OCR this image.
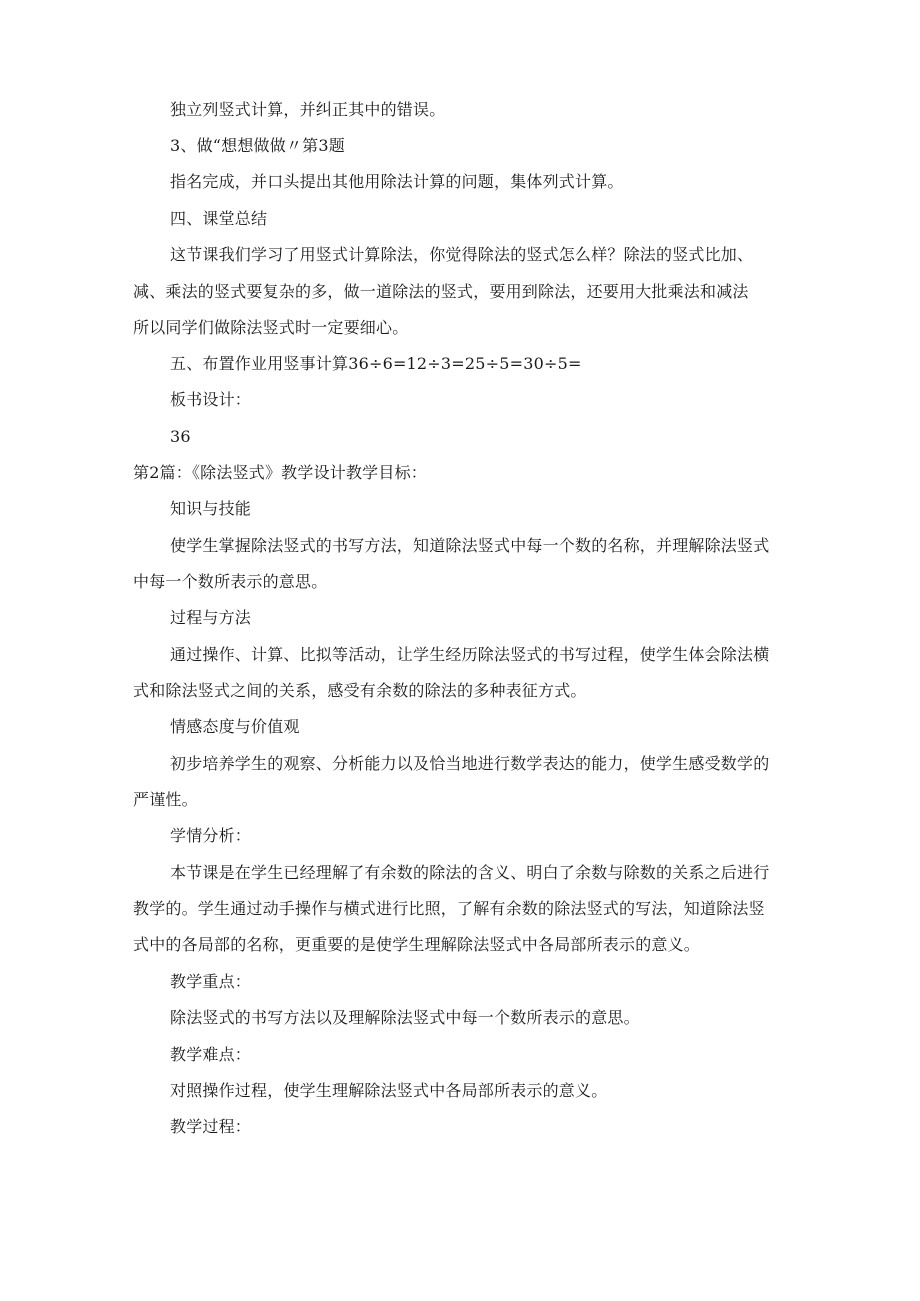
独立列竖式计算，并纠正其中的错误。

3、做“想想做做〃第3题

指名完成，并口头提出其他用除法计算的问题，集体列式计算。

四、课堂总结

这节课我们学习了用竖式计算除法，你觉得除法的竖式怎么样？除法的竖式比加、

减、乘法的竖式要复杂的多，做一道除法的竖式，要用到除法，还要用大批乘法和减法

所以同学们做除法竖式时一定要细心。

五、布置作业用竖事计算36÷6=12÷3=25÷5=30÷5=

板书设计：

36

第2篇：《除法竖式》教学设计教学目标：

知识与技能

使学生掌握除法竖式的书写方法，知道除法竖式中每一个数的名称，并理解除法竖式

中每一个数所表示的意思。

过程与方法

通过操作、计算、比拟等活动，让学生经历除法竖式的书写过程，使学生体会除法横

式和除法竖式之间的关系，感受有余数的除法的多种表征方式。

情感态度与价值观

初步培养学生的观察、分析能力以及恰当地进行数学表达的能力，使学生感受数学的

严谨性。

学情分析：

本节课是在学生已经理解了有余数的除法的含义、明白了余数与除数的关系之后进行

教学的。学生通过动手操作与横式进行比照，了解有余数的除法竖式的写法，知道除法竖

式中的各局部的名称，更重要的是使学生理解除法竖式中各局部所表示的意义。

教学重点：

除法竖式的书写方法以及理解除法竖式中每一个数所表示的意思。

教学难点：

对照操作过程，使学生理解除法竖式中各局部所表示的意义。

教学过程：
